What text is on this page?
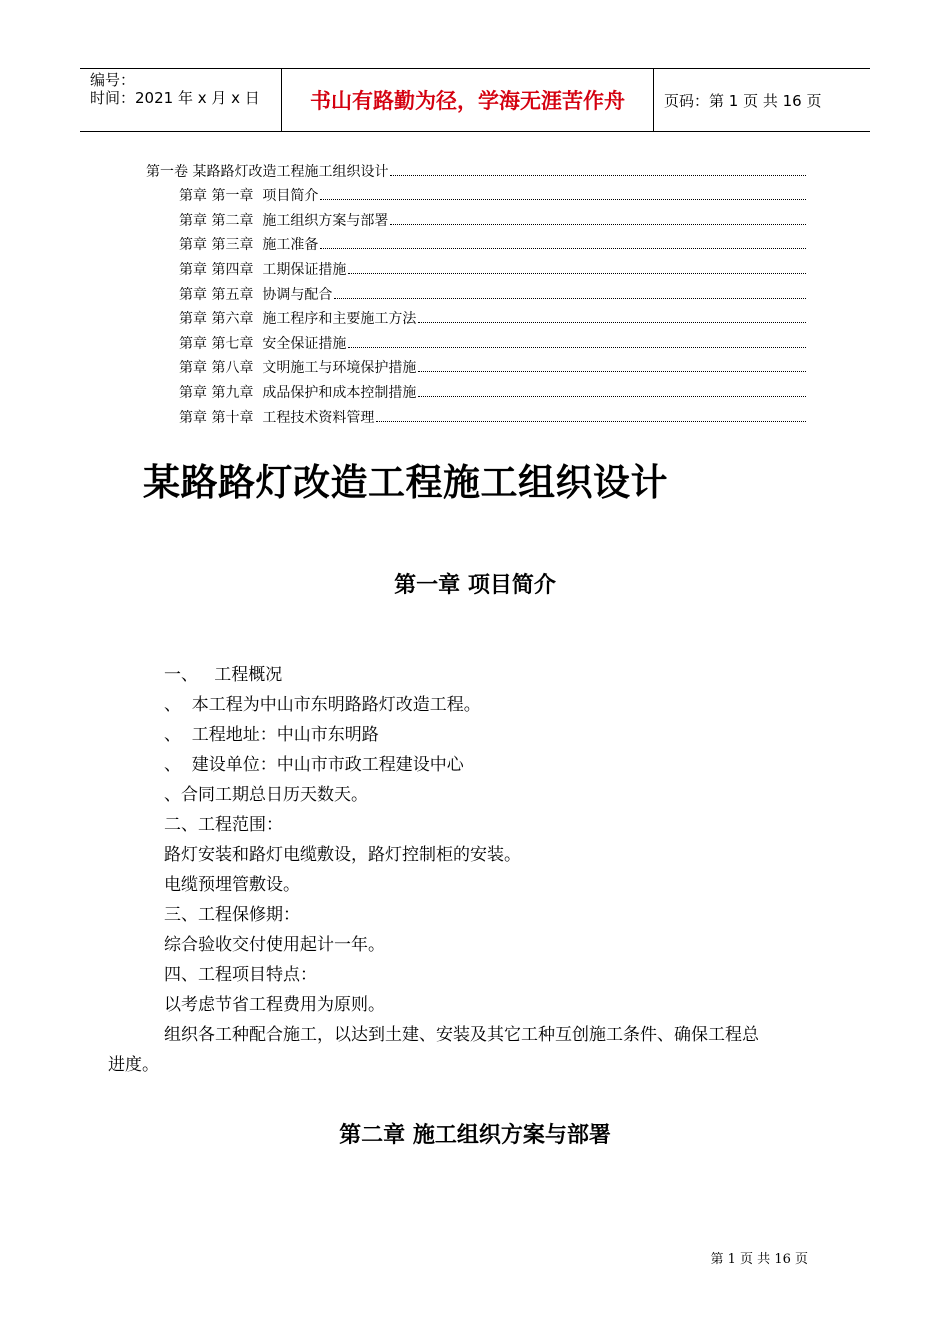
编号：
时间：2021 年 x 月 x 日	书山有路勤为径，学海无涯苦作舟	页码：第 1 页 共 16 页
第一卷 某路路灯改造工程施工组织设计
第章 第一章  项目简介
第章 第二章  施工组织方案与部署
第章 第三章  施工准备
第章 第四章  工期保证措施
第章 第五章  协调与配合
第章 第六章  施工程序和主要施工方法
第章 第七章  安全保证措施
第章 第八章  文明施工与环境保护措施
第章 第九章  成品保护和成本控制措施
第章 第十章  工程技术资料管理
某路路灯改造工程施工组织设计
第一章 项目简介
一、   工程概况
、  本工程为中山市东明路路灯改造工程。
、  工程地址：中山市东明路
、  建设单位：中山市市政工程建设中心
、合同工期总日历天数天。
二、工程范围：
路灯安装和路灯电缆敷设，路灯控制柜的安装。
电缆预埋管敷设。
三、工程保修期：
综合验收交付使用起计一年。
四、工程项目特点：
以考虑节省工程费用为原则。
组织各工种配合施工，以达到土建、安装及其它工种互创施工条件、确保工程总
进度。
第二章 施工组织方案与部署
第 1 页 共 16 页
